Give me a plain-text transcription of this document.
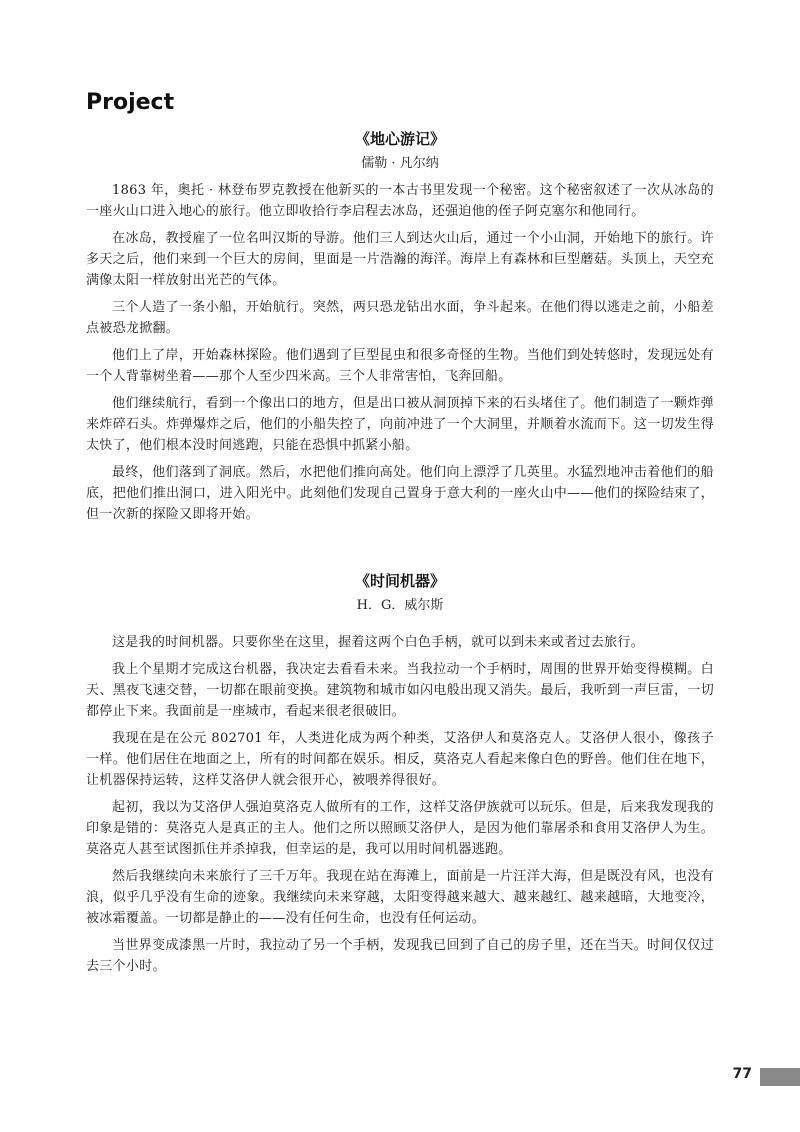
Project
《地心游记》
儒勒 · 凡尔纳

1863 年，奥托 · 林登布罗克教授在他新买的一本古书里发现一个秘密。这个秘密叙述了一次从冰岛的一座火山口进入地心的旅行。他立即收拾行李启程去冰岛，还强迫他的侄子阿克塞尔和他同行。

在冰岛，教授雇了一位名叫汉斯的导游。他们三人到达火山后，通过一个小山洞，开始地下的旅行。许多天之后，他们来到一个巨大的房间，里面是一片浩瀚的海洋。海岸上有森林和巨型蘑菇。头顶上，天空充满像太阳一样放射出光芒的气体。

三个人造了一条小船，开始航行。突然，两只恐龙钻出水面，争斗起来。在他们得以逃走之前，小船差点被恐龙掀翻。

他们上了岸，开始森林探险。他们遇到了巨型昆虫和很多奇怪的生物。当他们到处转悠时，发现远处有一个人背靠树坐着——那个人至少四米高。三个人非常害怕，飞奔回船。

他们继续航行，看到一个像出口的地方，但是出口被从洞顶掉下来的石头堵住了。他们制造了一颗炸弹来炸碎石头。炸弹爆炸之后，他们的小船失控了，向前冲进了一个大洞里，并顺着水流而下。这一切发生得太快了，他们根本没时间逃跑，只能在恐惧中抓紧小船。

最终，他们落到了洞底。然后，水把他们推向高处。他们向上漂浮了几英里。水猛烈地冲击着他们的船底，把他们推出洞口，进入阳光中。此刻他们发现自己置身于意大利的一座火山中——他们的探险结束了，但一次新的探险又即将开始。

《时间机器》
H．G．威尔斯

这是我的时间机器。只要你坐在这里，握着这两个白色手柄，就可以到未来或者过去旅行。

我上个星期才完成这台机器，我决定去看看未来。当我拉动一个手柄时，周围的世界开始变得模糊。白天、黑夜飞速交替，一切都在眼前变换。建筑物和城市如闪电般出现又消失。最后，我听到一声巨雷，一切都停止下来。我面前是一座城市，看起来很老很破旧。

我现在是在公元 802701 年，人类进化成为两个种类，艾洛伊人和莫洛克人。艾洛伊人很小，像孩子一样。他们居住在地面之上，所有的时间都在娱乐。相反，莫洛克人看起来像白色的野兽。他们住在地下，让机器保持运转，这样艾洛伊人就会很开心，被喂养得很好。

起初，我以为艾洛伊人强迫莫洛克人做所有的工作，这样艾洛伊族就可以玩乐。但是，后来我发现我的印象是错的：莫洛克人是真正的主人。他们之所以照顾艾洛伊人，是因为他们靠屠杀和食用艾洛伊人为生。莫洛克人甚至试图抓住并杀掉我，但幸运的是，我可以用时间机器逃跑。

然后我继续向未来旅行了三千万年。我现在站在海滩上，面前是一片汪洋大海，但是既没有风，也没有浪，似乎几乎没有生命的迹象。我继续向未来穿越，太阳变得越来越大、越来越红、越来越暗，大地变冷，被冰霜覆盖。一切都是静止的——没有任何生命，也没有任何运动。

当世界变成漆黑一片时，我拉动了另一个手柄，发现我已回到了自己的房子里，还在当天。时间仅仅过去三个小时。

77
